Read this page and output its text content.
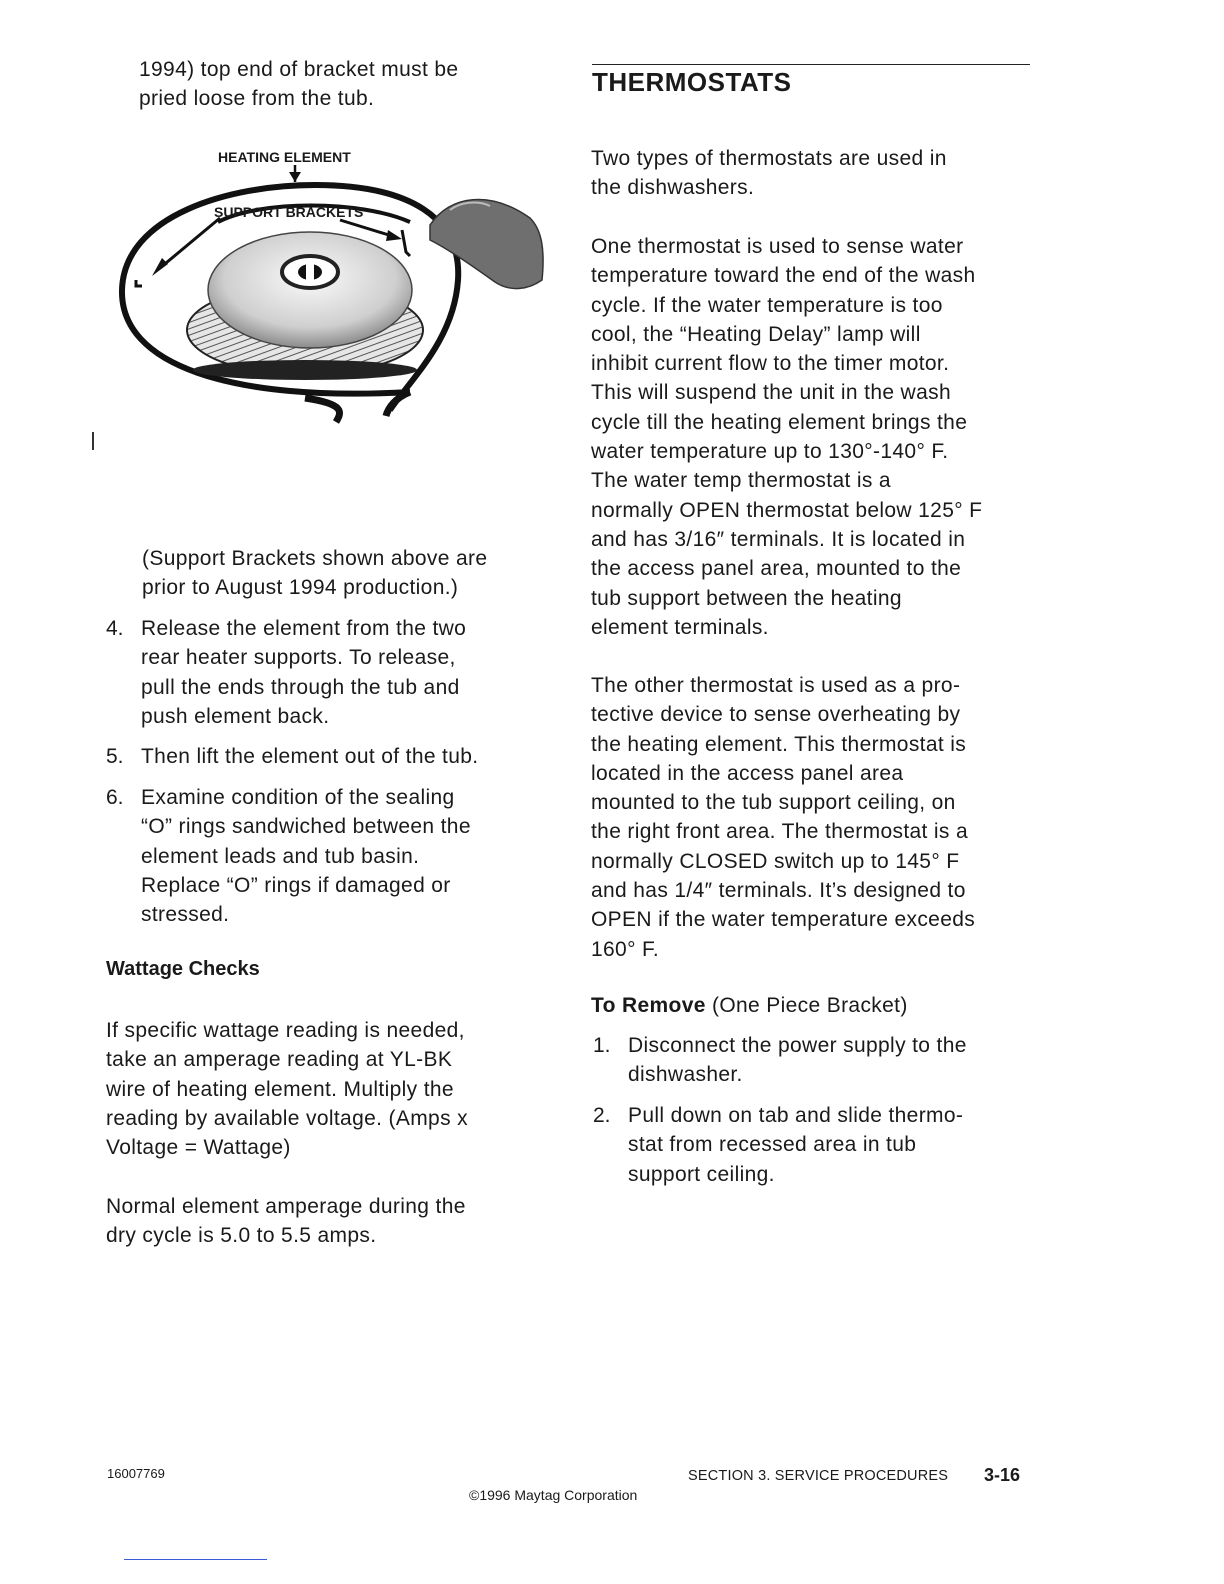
1994) top end of bracket must be
pried loose from the tub.
HEATING ELEMENT
SUPPORT BRACKETS
(Support Brackets shown above are
prior to August 1994 production.)
4. Release the element from the two
rear heater supports. To release,
pull the ends through the tub and
push element back.
5. Then lift the element out of the tub.
6. Examine condition of the sealing
“O” rings sandwiched between the
element leads and tub basin.
Replace “O” rings if damaged or
stressed.
Wattage Checks
If specific wattage reading is needed,
take an amperage reading at YL-BK
wire of heating element. Multiply the
reading by available voltage. (Amps x
Voltage = Wattage)
Normal element amperage during the
dry cycle is 5.0 to 5.5 amps.
THERMOSTATS
Two types of thermostats are used in
the dishwashers.
One thermostat is used to sense water
temperature toward the end of the wash
cycle. If the water temperature is too
cool, the “Heating Delay” lamp will
inhibit current flow to the timer motor.
This will suspend the unit in the wash
cycle till the heating element brings the
water temperature up to 130°-140° F.
The water temp thermostat is a
normally OPEN thermostat below 125° F
and has 3/16″ terminals. It is located in
the access panel area, mounted to the
tub support between the heating
element terminals.
The other thermostat is used as a pro-
tective device to sense overheating by
the heating element. This thermostat is
located in the access panel area
mounted to the tub support ceiling, on
the right front area. The thermostat is a
normally CLOSED switch up to 145° F
and has 1/4″ terminals. It’s designed to
OPEN if the water temperature exceeds
160° F.
To Remove (One Piece Bracket)
1. Disconnect the power supply to the
dishwasher.
2. Pull down on tab and slide thermo-
stat from recessed area in tub
support ceiling.
16007769	SECTION 3. SERVICE PROCEDURES 3-16
©1996 Maytag Corporation
